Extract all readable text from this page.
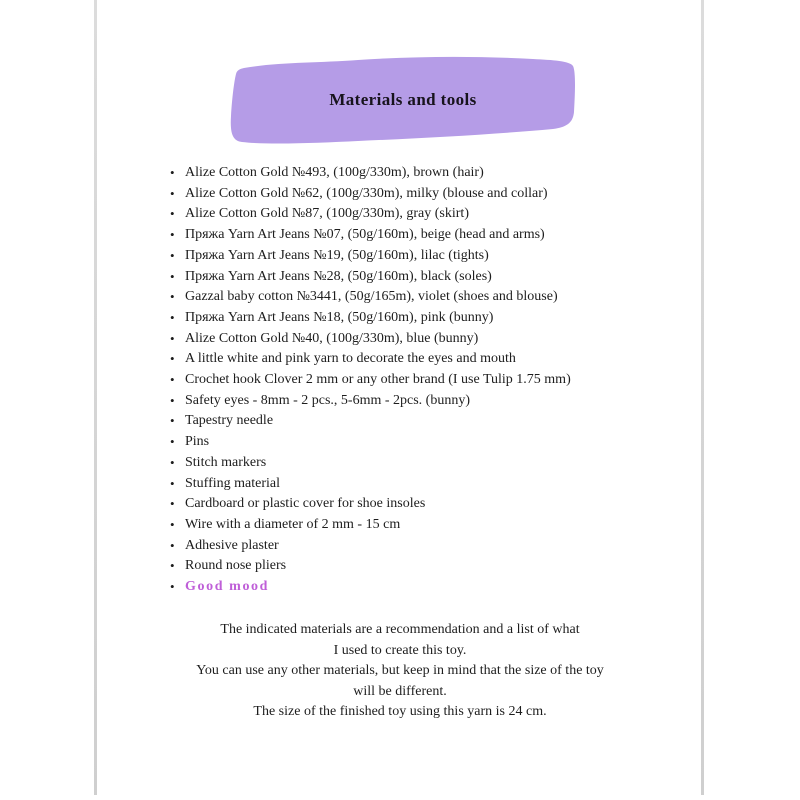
Materials and tools
• Alize Cotton Gold №493, (100g/330m), brown (hair)
• Alize Cotton Gold №62, (100g/330m), milky (blouse and collar)
• Alize Cotton Gold №87, (100g/330m), gray (skirt)
• Пряжа Yarn Art Jeans №07, (50g/160m), beige (head and arms)
• Пряжа Yarn Art Jeans №19, (50g/160m), lilac (tights)
• Пряжа Yarn Art Jeans №28, (50g/160m), black (soles)
• Gazzal baby cotton №3441, (50g/165m), violet (shoes and blouse)
• Пряжа Yarn Art Jeans №18, (50g/160m), pink (bunny)
• Alize Cotton Gold №40, (100g/330m), blue (bunny)
• A little white and pink yarn to decorate the eyes and mouth
• Crochet hook Clover 2 mm or any other brand (I use Tulip 1.75 mm)
• Safety eyes - 8mm - 2 pcs., 5-6mm - 2pcs. (bunny)
• Tapestry needle
• Pins
• Stitch markers
• Stuffing material
• Cardboard or plastic cover for shoe insoles
• Wire with a diameter of 2 mm - 15 cm
• Adhesive plaster
• Round nose pliers
• Good mood
The indicated materials are a recommendation and a list of what
I used to create this toy.
You can use any other materials, but keep in mind that the size of the toy
will be different.
The size of the finished toy using this yarn is 24 cm.
